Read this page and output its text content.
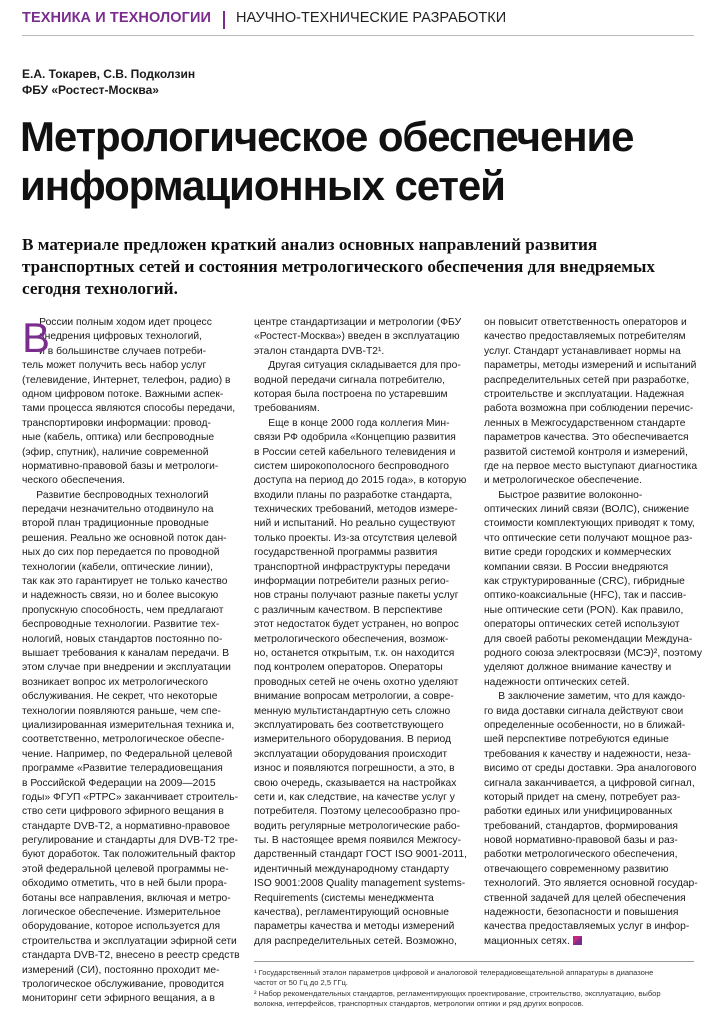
ТЕХНИКА И ТЕХНОЛОГИИ НАУЧНО-ТЕХНИЧЕСКИЕ РАЗРАБОТКИ
Е.А. Токарев, С.В. Подколзин
ФБУ «Ростест-Москва»
Метрологическое обеспечение
информационных сетей
В материале предложен краткий анализ основных направлений развития
транспортных сетей и состояния метрологического обеспечения для внедряемых
сегодня технологий.
России полным ходом идет процесс
внедрения цифровых технологий,
и в большинстве случаев потреби-
тель может получить весь набор услуг
(телевидение, Интернет, телефон, радио) в
одном цифровом потоке. Важными аспек-
тами процесса являются способы передачи,
транспортировки информации: провод-
ные (кабель, оптика) или беспроводные
(эфир, спутник), наличие современной
нормативно-правовой базы и метрологи-
ческого обеспечения.
Развитие беспроводных технологий
передачи незначительно отодвинуло на
второй план традиционные проводные
решения. Реально же основной поток дан-
ных до сих пор передается по проводной
технологии (кабели, оптические линии),
так как это гарантирует не только качество
и надежность связи, но и более высокую
пропускную способность, чем предлагают
беспроводные технологии. Развитие тех-
нологий, новых стандартов постоянно по-
вышает требования к каналам передачи. В
этом случае при внедрении и эксплуатации
возникает вопрос их метрологического
обслуживания. Не секрет, что некоторые
технологии появляются раньше, чем спе-
циализированная измерительная техника и,
соответственно, метрологическое обеспе-
чение. Например, по Федеральной целевой
программе «Развитие телерадиовещания
в Российской Федерации на 2009—2015
годы» ФГУП «РТРС» заканчивает строитель-
ство сети цифрового эфирного вещания в
стандарте DVB-T2, а нормативно-правовое
регулирование и стандарты для DVB-T2 тре-
буют доработок. Так положительный фактор
этой федеральной целевой программы не-
обходимо отметить, что в ней были прора-
ботаны все направления, включая и метро-
логическое обеспечение. Измерительное
оборудование, которое используется для
строительства и эксплуатации эфирной сети
стандарта DVB-T2, внесено в реестр средств
измерений (СИ), постоянно проходит ме-
трологическое обслуживание, проводится
мониторинг сети эфирного вещания, а в
В	центре стандартизации и метрологии (ФБУ
«Ростест-Москва») введен в эксплуатацию
эталон стандарта DVB-T2¹.
Другая ситуация складывается для про-
водной передачи сигнала потребителю,
которая была построена по устаревшим
требованиям.
Еще в конце 2000 года коллегия Мин-
связи РФ одобрила «Концепцию развития
в России сетей кабельного телевидения и
систем широкополосного беспроводного
доступа на период до 2015 года», в которую
входили планы по разработке стандарта,
технических требований, методов измере-
ний и испытаний. Но реально существуют
только проекты. Из-за отсутствия целевой
государственной программы развития
транспортной инфраструктуры передачи
информации потребители разных регио-
нов страны получают разные пакеты услуг
с различным качеством. В перспективе
этот недостаток будет устранен, но вопрос
метрологического обеспечения, возмож-
но, останется открытым, т.к. он находится
под контролем операторов. Операторы
проводных сетей не очень охотно уделяют
внимание вопросам метрологии, а совре-
менную мультистандартную сеть сложно
эксплуатировать без соответствующего
измерительного оборудования. В период
эксплуатации оборудования происходит
износ и появляются погрешности, а это, в
свою очередь, сказывается на настройках
сети и, как следствие, на качестве услуг у
потребителя. Поэтому целесообразно про-
водить регулярные метрологические рабо-
ты. В настоящее время появился Межгосу-
дарственный стандарт ГОСТ ISO 9001-2011,
идентичный международному стандарту
ISO 9001:2008 Quality management systems-
Requirements (системы менеджмента
качества), регламентирующий основные
параметры качества и методы измерений
для распределительных сетей. Возможно,
он повысит ответственность операторов и
качество предоставляемых потребителям
услуг. Стандарт устанавливает нормы на
параметры, методы измерений и испытаний
распределительных сетей при разработке,
строительстве и эксплуатации. Надежная
работа возможна при соблюдении перечис-
ленных в Межгосударственном стандарте
параметров качества. Это обеспечивается
развитой системой контроля и измерений,
где на первое место выступают диагностика
и метрологическое обеспечение.
Быстрое развитие волоконно-
оптических линий связи (ВОЛС), снижение
стоимости комплектующих приводят к тому,
что оптические сети получают мощное раз-
витие среди городских и коммерческих
компании связи. В России внедряются
как структурированные (CRC), гибридные
оптико-коаксиальные (HFC), так и пассив-
ные оптические сети (PON). Как правило,
операторы оптических сетей используют
для своей работы рекомендации Междуна-
родного союза электросвязи (МСЭ)², поэтому
уделяют должное внимание качеству и
надежности оптических сетей.
В заключение заметим, что для каждо-
го вида доставки сигнала действуют свои
определенные особенности, но в ближай-
шей перспективе потребуются единые
требования к качеству и надежности, неза-
висимо от среды доставки. Эра аналогового
сигнала заканчивается, а цифровой сигнал,
который придет на смену, потребует раз-
работки единых или унифицированных
требований, стандартов, формирования
новой нормативно-правовой базы и раз-
работки метрологического обеспечения,
отвечающего современному развитию
технологий. Это является основной государ-
ственной задачей для целей обеспечения
надежности, безопасности и повышения
качества предоставляемых услуг в инфор-
мационных сетях.
¹ Государственный эталон параметров цифровой и аналоговой телерадиовещательной аппаратуры в диапазоне
частот от 50 Гц до 2,5 ГГц.
² Набор рекомендательных стандартов, регламентирующих проектирование, строительство, эксплуатацию, выбор
волокна, интерфейсов, транспортных стандартов, метрологии оптики и ряд других вопросов.
